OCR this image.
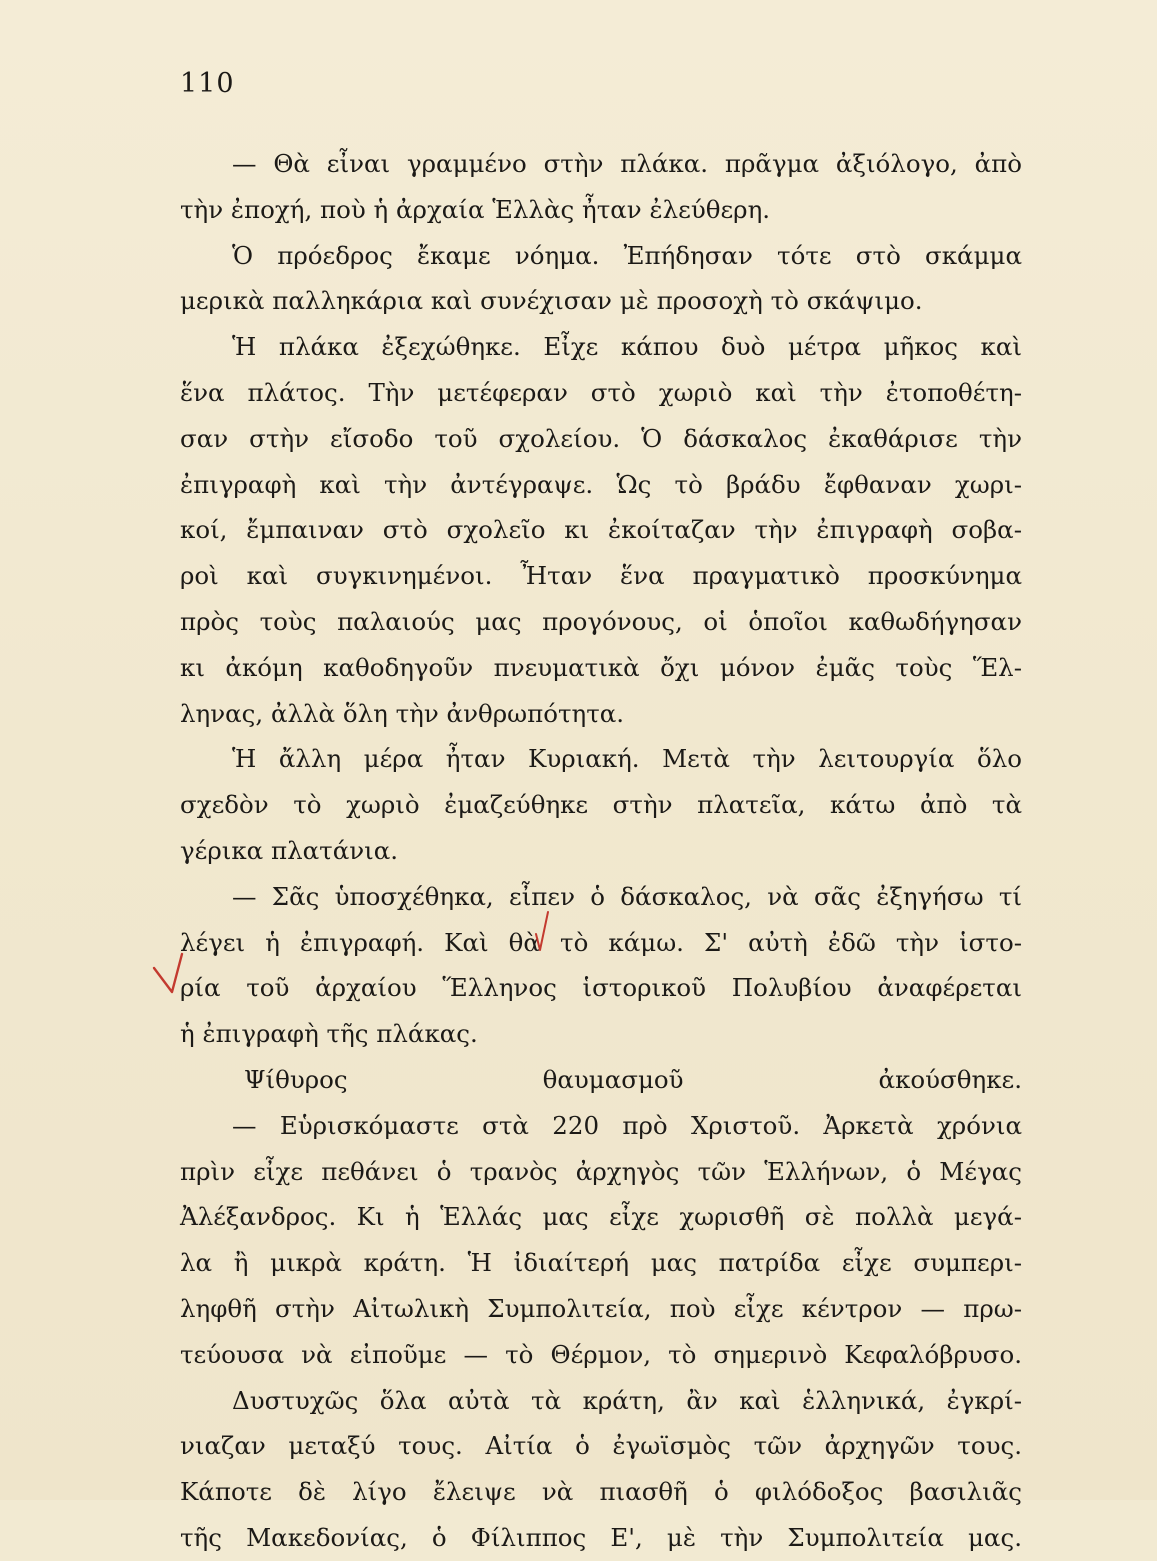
110
— Θὰ εἶναι γραμμένο στὴν πλάκα. πρᾶγμα ἀξιόλογο, ἀπὸ
τὴν ἐποχή, ποὺ ἡ ἀρχαία Ἑλλὰς ἦταν ἐλεύθερη.
Ὁ πρόεδρος ἔκαμε νόημα. Ἐπήδησαν τότε στὸ σκάμμα
μερικὰ παλληκάρια καὶ συνέχισαν μὲ προσοχὴ τὸ σκάψιμο.
Ἡ πλάκα ἐξεχώθηκε. Εἶχε κάπου δυὸ μέτρα μῆκος καὶ
ἕνα πλάτος. Τὴν μετέφεραν στὸ χωριὸ καὶ τὴν ἐτοποθέτη-
σαν στὴν εἴσοδο τοῦ σχολείου. Ὁ δάσκαλος ἐκαθάρισε τὴν
ἐπιγραφὴ καὶ τὴν ἀντέγραψε. Ὡς τὸ βράδυ ἔφθαναν χωρι-
κοί, ἔμπαιναν στὸ σχολεῖο κι ἐκοίταζαν τὴν ἐπιγραφὴ σοβα-
ροὶ καὶ συγκινημένοι. Ἦταν ἕνα πραγματικὸ προσκύνημα
πρὸς τοὺς παλαιούς μας προγόνους, οἱ ὁποῖοι καθωδήγησαν
κι ἀκόμη καθοδηγοῦν πνευματικὰ ὄχι μόνον ἐμᾶς τοὺς Ἕλ-
ληνας, ἀλλὰ ὅλη τὴν ἀνθρωπότητα.
Ἡ ἄλλη μέρα ἦταν Κυριακή. Μετὰ τὴν λειτουργία ὅλο
σχεδὸν τὸ χωριὸ ἐμαζεύθηκε στὴν πλατεῖα, κάτω ἀπὸ τὰ
γέρικα πλατάνια.
— Σᾶς ὑποσχέθηκα, εἶπεν ὁ δάσκαλος, νὰ σᾶς ἐξηγήσω τί
λέγει ἡ ἐπιγραφή. Καὶ θὰ τὸ κάμω. Σ' αὐτὴ ἐδῶ τὴν ἱστο-
ρία τοῦ ἀρχαίου Ἕλληνος ἱστορικοῦ Πολυβίου ἀναφέρεται
ἡ ἐπιγραφὴ τῆς πλάκας.
Ψίθυρος θαυμασμοῦ ἀκούσθηκε.
— Εὑρισκόμαστε στὰ 220 πρὸ Χριστοῦ. Ἀρκετὰ χρόνια
πρὶν εἶχε πεθάνει ὁ τρανὸς ἀρχηγὸς τῶν Ἑλλήνων, ὁ Μέγας
Ἀλέξανδρος. Κι ἡ Ἑλλάς μας εἶχε χωρισθῆ σὲ πολλὰ μεγά-
λα ἢ μικρὰ κράτη. Ἡ ἰδιαίτερή μας πατρίδα εἶχε συμπερι-
ληφθῆ στὴν Αἰτωλικὴ Συμπολιτεία, ποὺ εἶχε κέντρον — πρω-
τεύουσα νὰ εἰποῦμε — τὸ Θέρμον, τὸ σημερινὸ Κεφαλόβρυσο.
Δυστυχῶς ὅλα αὐτὰ τὰ κράτη, ἂν καὶ ἑλληνικά, ἐγκρί-
νιαζαν μεταξύ τους. Αἰτία ὁ ἐγωϊσμὸς τῶν ἀρχηγῶν τους.
Κάποτε δὲ λίγο ἔλειψε νὰ πιασθῆ ὁ φιλόδοξος βασιλιᾶς
τῆς Μακεδονίας, ὁ Φίλιππος Ε', μὲ τὴν Συμπολιτεία μας.
